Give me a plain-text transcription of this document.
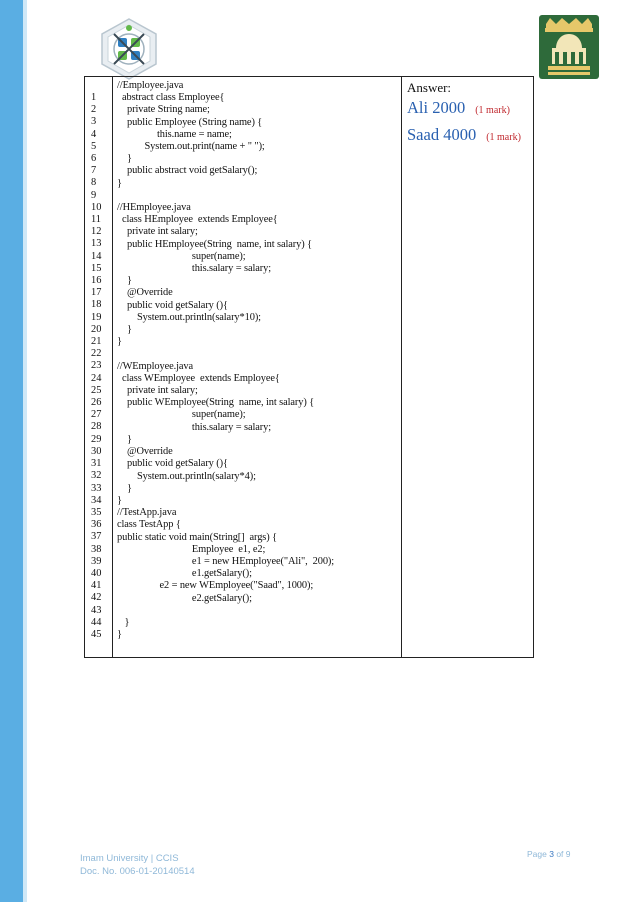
1
2
3
4
5
6
7
8
9
10
11
12
13
14
15
16
17
18
19
20
21
22
23
24
25
26
27
28
29
30
31
32
33
34
35
36
37
38
39
40
41
42
43
44
45
//Employee.java
abstract class Employee{
private String name;
public Employee (String name) {
this.name = name;
System.out.print(name + " ");
}
public abstract void getSalary();
}

//HEmployee.java
class HEmployee  extends Employee{
private int salary;
public HEmployee(String  name, int salary) {
super(name);
this.salary = salary;
}
@Override
public void getSalary (){
System.out.println(salary*10);
}
}

//WEmployee.java
class WEmployee  extends Employee{
private int salary;
public WEmployee(String  name, int salary) {
super(name);
this.salary = salary;
}
@Override
public void getSalary (){
System.out.println(salary*4);
}
}
//TestApp.java
class TestApp {
public static void main(String[]  args) {
Employee  e1, e2;
e1 = new HEmployee("Ali",  200);
e1.getSalary();
e2 = new WEmployee("Saad", 1000);
e2.getSalary();

}
}
Answer:
Ali 2000 (1 mark)
Saad 4000 (1 mark)
Imam University | CCIS
Doc. No. 006-01-20140514
Page 3 of 9
